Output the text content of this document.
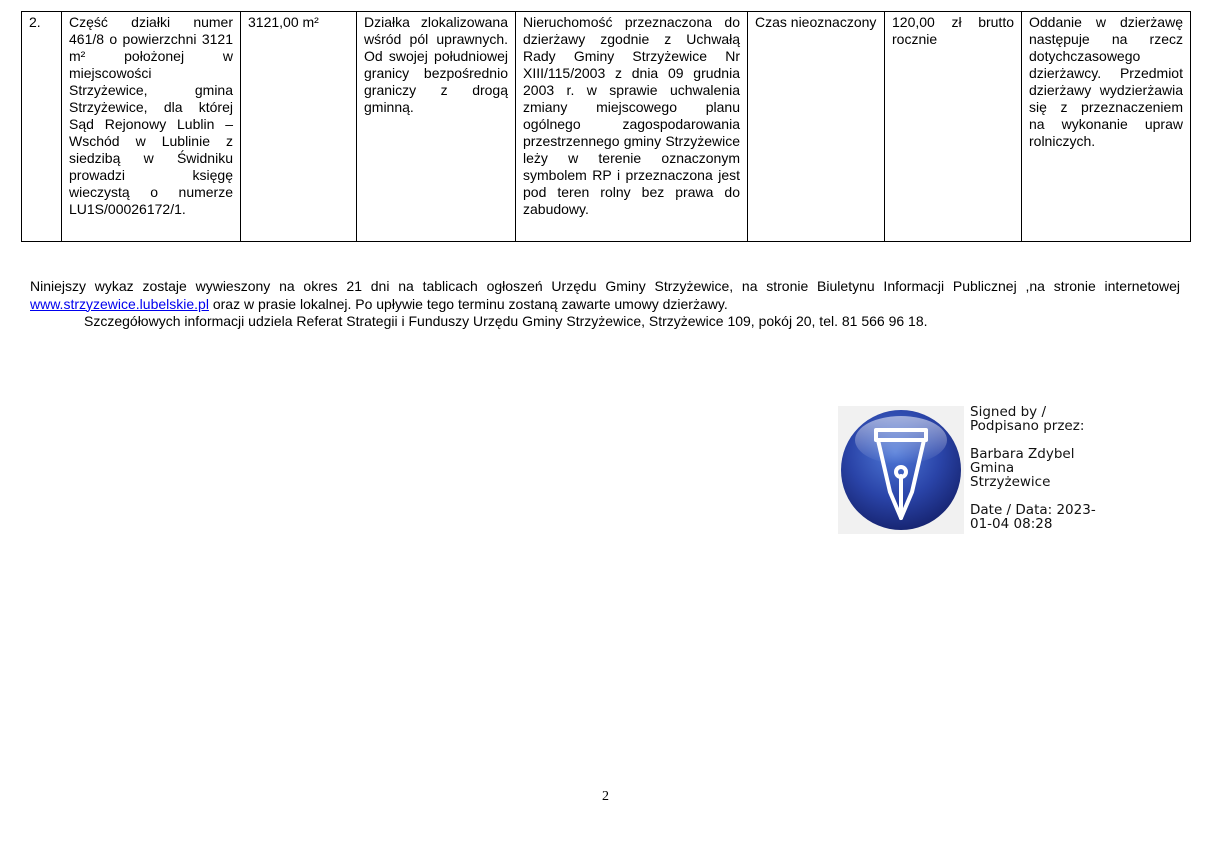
2.	Część działki numer 461/8 o powierzchni 3121 m² położonej w miejscowości Strzyżewice, gmina Strzyżewice, dla której Sąd Rejonowy Lublin – Wschód w Lublinie z siedzibą w Świdniku prowadzi księgę wieczystą o numerze LU1S/00026172/1.	3121,00 m²	Działka zlokalizowana wśród pól uprawnych. Od swojej południowej granicy bezpośrednio graniczy z drogą gminną.	Nieruchomość przeznaczona do dzierżawy zgodnie z Uchwałą Rady Gminy Strzyżewice Nr XIII/115/2003 z dnia 09 grudnia 2003 r. w sprawie uchwalenia zmiany miejscowego planu ogólnego zagospodarowania przestrzennego gminy Strzyżewice leży w terenie oznaczonym symbolem RP i przeznaczona jest pod teren rolny bez prawa do zabudowy.	Czas nieoznaczony	120,00 zł brutto rocznie	Oddanie w dzierżawę następuje na rzecz dotychczasowego dzierżawcy. Przedmiot dzierżawy wydzierżawia się z przeznaczeniem na wykonanie upraw rolniczych.
Niniejszy wykaz zostaje wywieszony na okres 21 dni na tablicach ogłoszeń Urzędu Gminy Strzyżewice, na stronie Biuletynu Informacji Publicznej ,na stronie internetowej www.strzyzewice.lubelskie.pl oraz w prasie lokalnej. Po upływie tego terminu zostaną zawarte umowy dzierżawy.
Szczegółowych informacji udziela Referat Strategii i Funduszy Urzędu Gminy Strzyżewice, Strzyżewice 109, pokój 20, tel. 81 566 96 18.
Signed by /
Podpisano przez:
Barbara Zdybel
Gmina
Strzyżewice
Date / Data: 2023-
01-04 08:28
2
